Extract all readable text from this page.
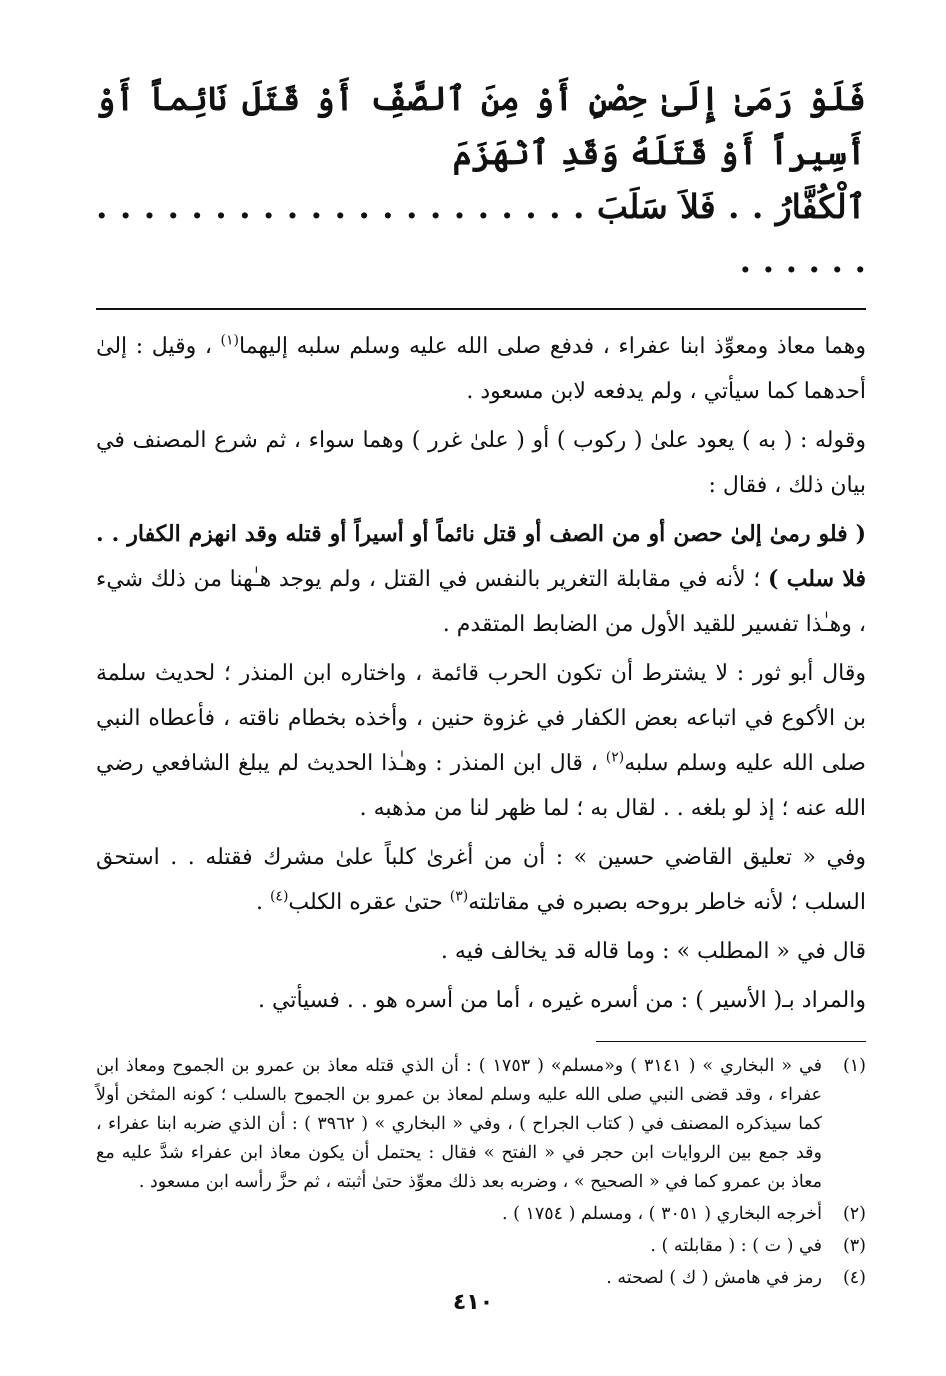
فَلَوْ رَمَىٰ إِلَىٰ حِصْنٍ أَوْ مِنَ ٱلصَّفِّ أَوْ قَتَلَ نَائِماً أَوْ أَسِيراً أَوْ قَتَلَهُ وَقَدِ ٱنْهَزَمَ
ٱلْكُفَّارُ . . فَلاَ سَلَبَ . . . . . . . . . . . . . . . . . . . . . . . . . . .

وهما معاذ ومعوِّذ ابنا عفراء ، فدفع صلى الله عليه وسلم سلبه إليهما$^{(١)}$ ، وقيل : إلىٰ أحدهما كما سيأتي ، ولم يدفعه لابن مسعود .

وقوله : ( به ) يعود علىٰ ( ركوب ) أو ( علىٰ غرر ) وهما سواء ، ثم شرع المصنف في بيان ذلك ، فقال :

( فلو رمىٰ إلىٰ حصن أو من الصف أو قتل نائماً أو أسيراً أو قتله وقد انهزم الكفار . . فلا سلب ) ؛ لأنه في مقابلة التغرير بالنفس في القتل ، ولم يوجد هـٰهنا من ذلك شيء ، وهـٰذا تفسير للقيد الأول من الضابط المتقدم .

وقال أبو ثور : لا يشترط أن تكون الحرب قائمة ، واختاره ابن المنذر ؛ لحديث سلمة بن الأكوع في اتباعه بعض الكفار في غزوة حنين ، وأخذه بخطام ناقته ، فأعطاه النبي صلى الله عليه وسلم سلبه$^{(٢)}$ ، قال ابن المنذر : وهـٰذا الحديث لم يبلغ الشافعي رضي الله عنه ؛ إذ لو بلغه . . لقال به ؛ لما ظهر لنا من مذهبه .

وفي « تعليق القاضي حسين » : أن من أغرىٰ كلباً علىٰ مشرك فقتله . . استحق السلب ؛ لأنه خاطر بروحه بصبره في مقاتلته$^{(٣)}$ حتىٰ عقره الكلب$^{(٤)}$ .

قال في « المطلب » : وما قاله قد يخالف فيه .

والمراد بـ( الأسير ) : من أسره غيره ، أما من أسره هو . . فسيأتي .

(١)
في « البخاري » ( ٣١٤١ ) و«مسلم» ( ١٧٥٣ ) : أن الذي قتله معاذ بن عمرو بن الجموح ومعاذ ابن عفراء ، وقد قضى النبي صلى الله عليه وسلم لمعاذ بن عمرو بن الجموح بالسلب ؛ كونه المثخن أولاً كما سيذكره المصنف في ( كتاب الجراح ) ، وفي « البخاري » ( ٣٩٦٢ ) : أن الذي ضربه ابنا عفراء ، وقد جمع بين الروايات ابن حجر في « الفتح » فقال : يحتمل أن يكون معاذ ابن عفراء شدَّ عليه مع معاذ بن عمرو كما في « الصحيح » ، وضربه بعد ذلك معوِّذ حتىٰ أثبته ، ثم حزَّ رأسه ابن مسعود .
(٢)
أخرجه البخاري ( ٣٠٥١ ) ، ومسلم ( ١٧٥٤ ) .
(٣)
في ( ت ) : ( مقابلته ) .
(٤)
رمز في هامش ( ك ) لصحته .
٤١٠
